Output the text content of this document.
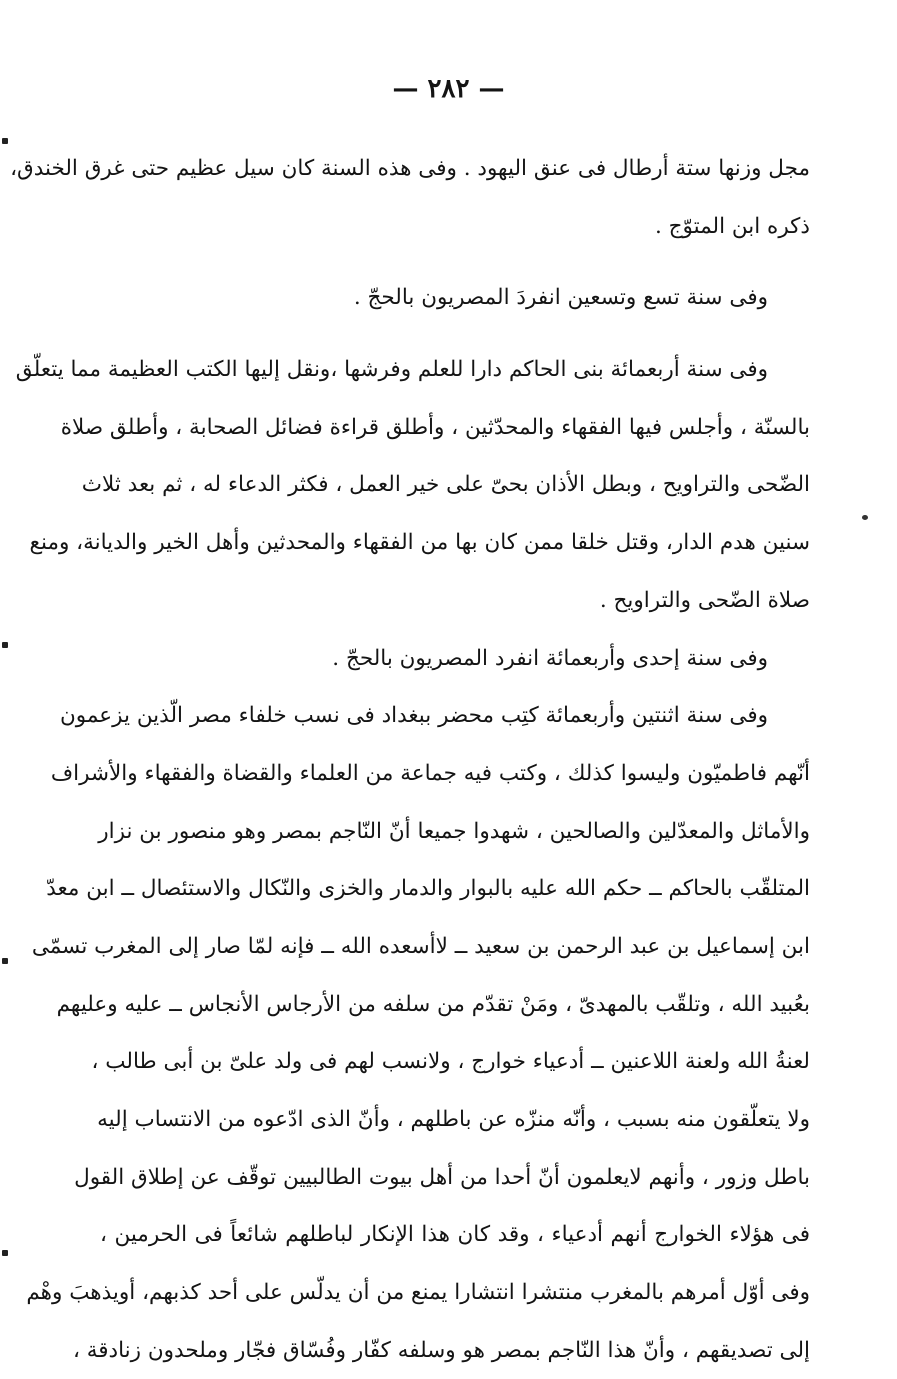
— ٢٨٢ —
مجل وزنها ستة أرطال فى عنق اليهود . وفى هذه السنة كان سيل عظيم حتى غرق الخندق،
ذكره ابن المتوّج .
وفى سنة تسع وتسعين انفردَ المصريون بالحجّ .
وفى سنة أربعمائة بنى الحاكم دارا للعلم وفرشها ،ونقل إليها الكتب العظيمة مما يتعلّق
بالسنّة ، وأجلس فيها الفقهاء والمحدّثين ، وأطلق قراءة فضائل الصحابة ، وأطلق صلاة
الضّحى والتراويح ، وبطل الأذان بحىّ على خير العمل ، فكثر الدعاء له ، ثم بعد ثلاث
سنين هدم الدار، وقتل خلقا ممن كان بها من الفقهاء والمحدثين وأهل الخير والديانة، ومنع
صلاة الضّحى والتراويح .
وفى سنة إحدى وأربعمائة انفرد المصريون بالحجّ .
وفى سنة اثنتين وأربعمائة كتِب محضر ببغداد فى نسب خلفاء مصر الّذين يزعمون
أنّهم فاطميّون وليسوا كذلك ، وكتب فيه جماعة من العلماء والقضاة والفقهاء والأشراف
والأماثل والمعدّلين والصالحين ، شهدوا جميعا أنّ النّاجم بمصر وهو منصور بن نزار
المتلقّب بالحاكم ــ حكم الله عليه بالبوار والدمار والخزى والنّكال والاستئصال ــ ابن معدّ
ابن إسماعيل بن عبد الرحمن بن سعيد ــ لاأسعده الله ــ فإنه لمّا صار إلى المغرب تسمّى
بعُبيد الله ، وتلقّب بالمهدىّ ، ومَنْ تقدّم من سلفه من الأرجاس الأنجاس ــ عليه وعليهم
لعنةُ الله ولعنة اللاعنين ــ أدعياء خوارج ، ولانسب لهم فى ولد علىّ بن أبى طالب ،
ولا يتعلّقون منه بسبب ، وأنّه منزّه عن باطلهم ، وأنّ الذى ادّعوه من الانتساب إليه
باطل وزور ، وأنهم لايعلمون أنّ أحدا من أهل بيوت الطالبيين توقّف عن إطلاق القول
فى هؤلاء الخوارج أنهم أدعياء ، وقد كان هذا الإنكار لباطلهم شائعاً فى الحرمين ،
وفى أوّل أمرهم بالمغرب منتشرا انتشارا يمنع من أن يدلّس على أحد كذبهم، أويذهبَ وهْم
إلى تصديقهم ، وأنّ هذا النّاجم بمصر هو وسلفه كفّار وفُسّاق فجّار وملحدون زنادقة ،
